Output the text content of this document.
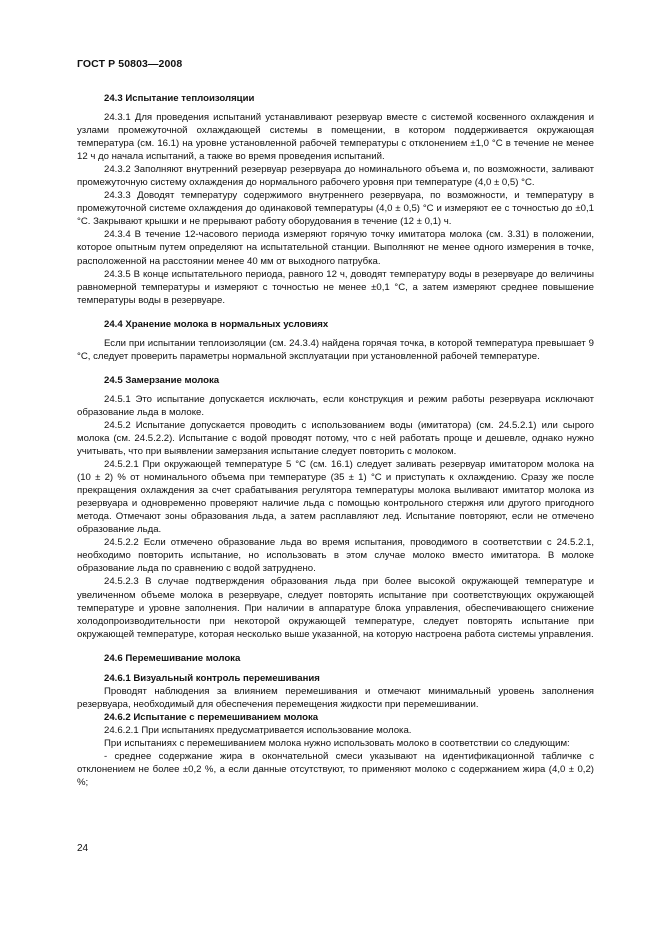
ГОСТ Р 50803—2008
24.3 Испытание теплоизоляции

24.3.1 Для проведения испытаний устанавливают резервуар вместе с системой косвенного охлаждения и узлами промежуточной охлаждающей системы в помещении, в котором поддерживается окружающая температура (см. 16.1) на уровне установленной рабочей температуры с отклонением ±1,0 °С в течение не менее 12 ч до начала испытаний, а также во время проведения испытаний.

24.3.2 Заполняют внутренний резервуар резервуара до номинального объема и, по возможности, заливают промежуточную систему охлаждения до нормального рабочего уровня при температуре (4,0 ± 0,5) °С.

24.3.3 Доводят температуру содержимого внутреннего резервуара, по возможности, и температуру в промежуточной системе охлаждения до одинаковой температуры (4,0 ± 0,5) °С и измеряют ее с точностью до ±0,1 °С. Закрывают крышки и не прерывают работу оборудования в течение (12 ± 0,1) ч.

24.3.4 В течение 12-часового периода измеряют горячую точку имитатора молока (см. 3.31) в положении, которое опытным путем определяют на испытательной станции. Выполняют не менее одного измерения в точке, расположенной на расстоянии менее 40 мм от выходного патрубка.

24.3.5 В конце испытательного периода, равного 12 ч, доводят температуру воды в резервуаре до величины равномерной температуры и измеряют с точностью не менее ±0,1 °С, а затем измеряют среднее повышение температуры воды в резервуаре.

24.4 Хранение молока в нормальных условиях

Если при испытании теплоизоляции (см. 24.3.4) найдена горячая точка, в которой температура превышает 9 °С, следует проверить параметры нормальной эксплуатации при установленной рабочей температуре.

24.5 Замерзание молока

24.5.1 Это испытание допускается исключать, если конструкция и режим работы резервуара исключают образование льда в молоке.

24.5.2 Испытание допускается проводить с использованием воды (имитатора) (см. 24.5.2.1) или сырого молока (см. 24.5.2.2). Испытание с водой проводят потому, что с ней работать проще и дешевле, однако нужно учитывать, что при выявлении замерзания испытание следует повторить с молоком.

24.5.2.1 При окружающей температуре 5 °С (см. 16.1) следует заливать резервуар имитатором молока на (10 ± 2) % от номинального объема при температуре (35 ± 1) °С и приступать к охлаждению. Сразу же после прекращения охлаждения за счет срабатывания регулятора температуры молока выливают имитатор молока из резервуара и одновременно проверяют наличие льда с помощью контрольного стержня или другого пригодного метода. Отмечают зоны образования льда, а затем расплавляют лед. Испытание повторяют, если не отмечено образование льда.

24.5.2.2 Если отмечено образование льда во время испытания, проводимого в соответствии с 24.5.2.1, необходимо повторить испытание, но использовать в этом случае молоко вместо имитатора. В молоке образование льда по сравнению с водой затруднено.

24.5.2.3 В случае подтверждения образования льда при более высокой окружающей температуре и увеличенном объеме молока в резервуаре, следует повторять испытание при соответствующих окружающей температуре и уровне заполнения. При наличии в аппаратуре блока управления, обеспечивающего снижение холодопроизводительности при некоторой окружающей температуре, следует повторять испытание при окружающей температуре, которая несколько выше указанной, на которую настроена работа системы управления.

24.6 Перемешивание молока
24.6.1 Визуальный контроль перемешивания

Проводят наблюдения за влиянием перемешивания и отмечают минимальный уровень заполнения резервуара, необходимый для обеспечения перемещения жидкости при перемешивании.

24.6.2 Испытание с перемешиванием молока

24.6.2.1 При испытаниях предусматривается использование молока.

При испытаниях с перемешиванием молока нужно использовать молоко в соответствии со следующим:

- среднее содержание жира в окончательной смеси указывают на идентификационной табличке с отклонением не более ±0,2 %, а если данные отсутствуют, то применяют молоко с содержанием жира (4,0 ± 0,2) %;

24
